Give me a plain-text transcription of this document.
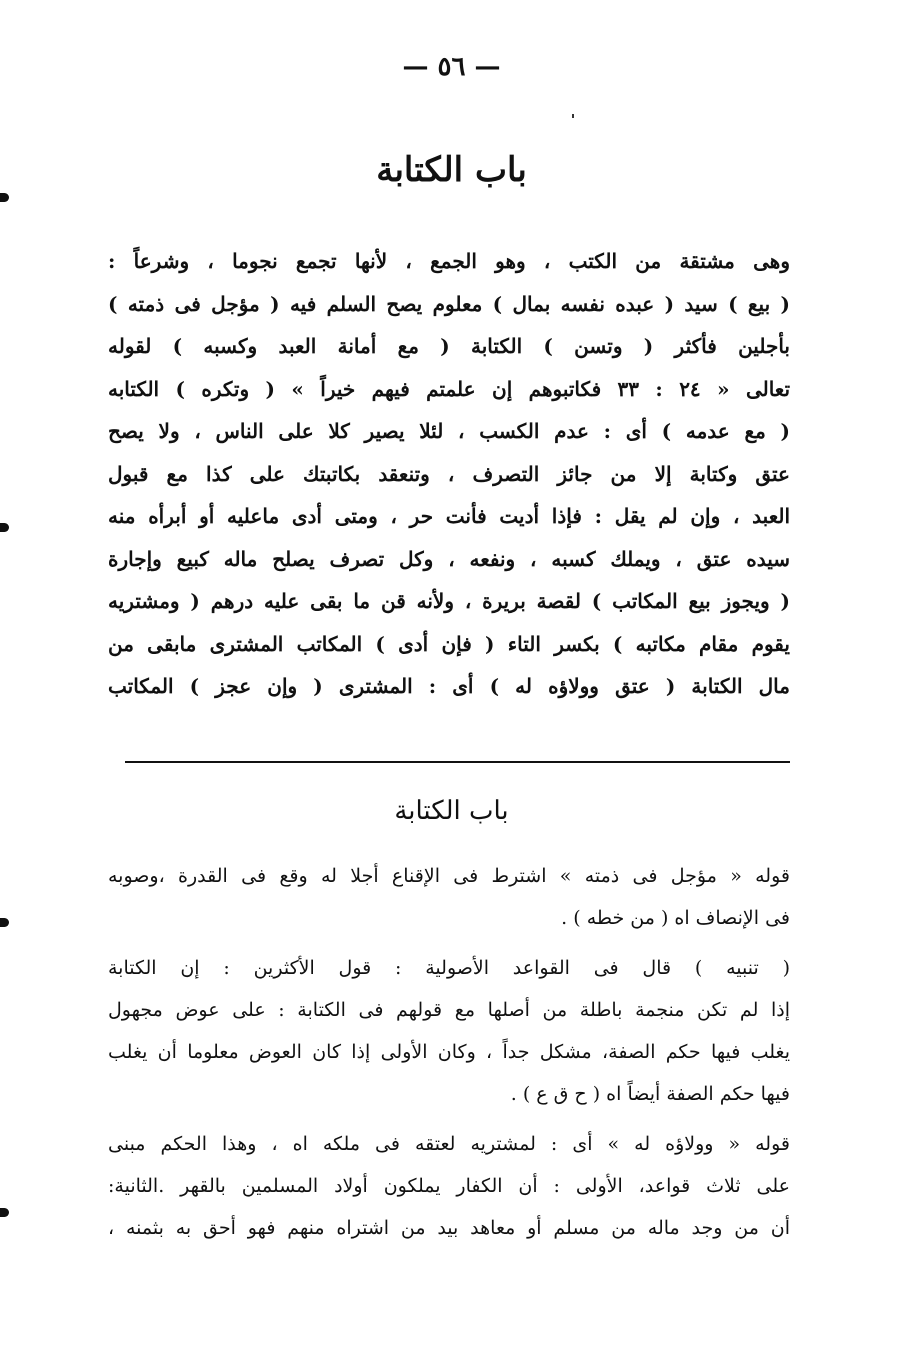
— ٥٦ —
باب الكتابة
وهى مشتقة من الكتب ، وهو الجمع ، لأنها تجمع نجوما ، وشرعاً :
( بيع ) سيد ( عبده نفسه بمال ) معلوم يصح السلم فيه ( مؤجل فى ذمته )
بأجلين فأكثر ( وتسن ) الكتابة ( مع أمانة العبد وكسبه ) لقوله
تعالى « ٢٤ : ٣٣ فكاتبوهم إن علمتم فيهم خيراً » ( وتكره ) الكتابه
( مع عدمه ) أى : عدم الكسب ، لئلا يصير كلا على الناس ، ولا يصح
عتق وكتابة إلا من جائز التصرف ، وتنعقد بكاتبتك على كذا مع قبول
العبد ، وإن لم يقل : فإذا أديت فأنت حر ، ومتى أدى ماعليه أو أبرأه منه
سيده عتق ، ويملك كسبه ، ونفعه ، وكل تصرف يصلح ماله كبيع وإجارة
( ويجوز بيع المكاتب ) لقصة بريرة ، ولأنه قن ما بقى عليه درهم ( ومشتريه
يقوم مقام مكاتبه ) بكسر التاء ( فإن أدى ) المكاتب المشترى مابقى من
مال الكتابة ( عتق وولاؤه له ) أى : المشترى ( وإن عجز ) المكاتب
باب الكتابة
قوله « مؤجل فى ذمته » اشترط فى الإقناع أجلا له وقع فى القدرة ،وصوبه
فى الإنصاف اه ( من خطه ) .
( تنبيه ) قال فى القواعد الأصولية : قول الأكثرين : إن الكتابة
إذا لم تكن منجمة باطلة من أصلها مع قولهم فى الكتابة : على عوض مجهول
يغلب فيها حكم الصفة، مشكل جداً ، وكان الأولى إذا كان العوض معلوما أن يغلب
فيها حكم الصفة أيضاً اه ( ح ق ع ) .
قوله « وولاؤه له » أى : لمشتريه لعتقه فى ملكه اه ، وهذا الحكم مبنى
على ثلاث قواعد، الأولى : أن الكفار يملكون أولاد المسلمين بالقهر .الثانية:
أن من وجد ماله من مسلم أو معاهد بيد من اشتراه منهم فهو أحق به بثمنه ،
